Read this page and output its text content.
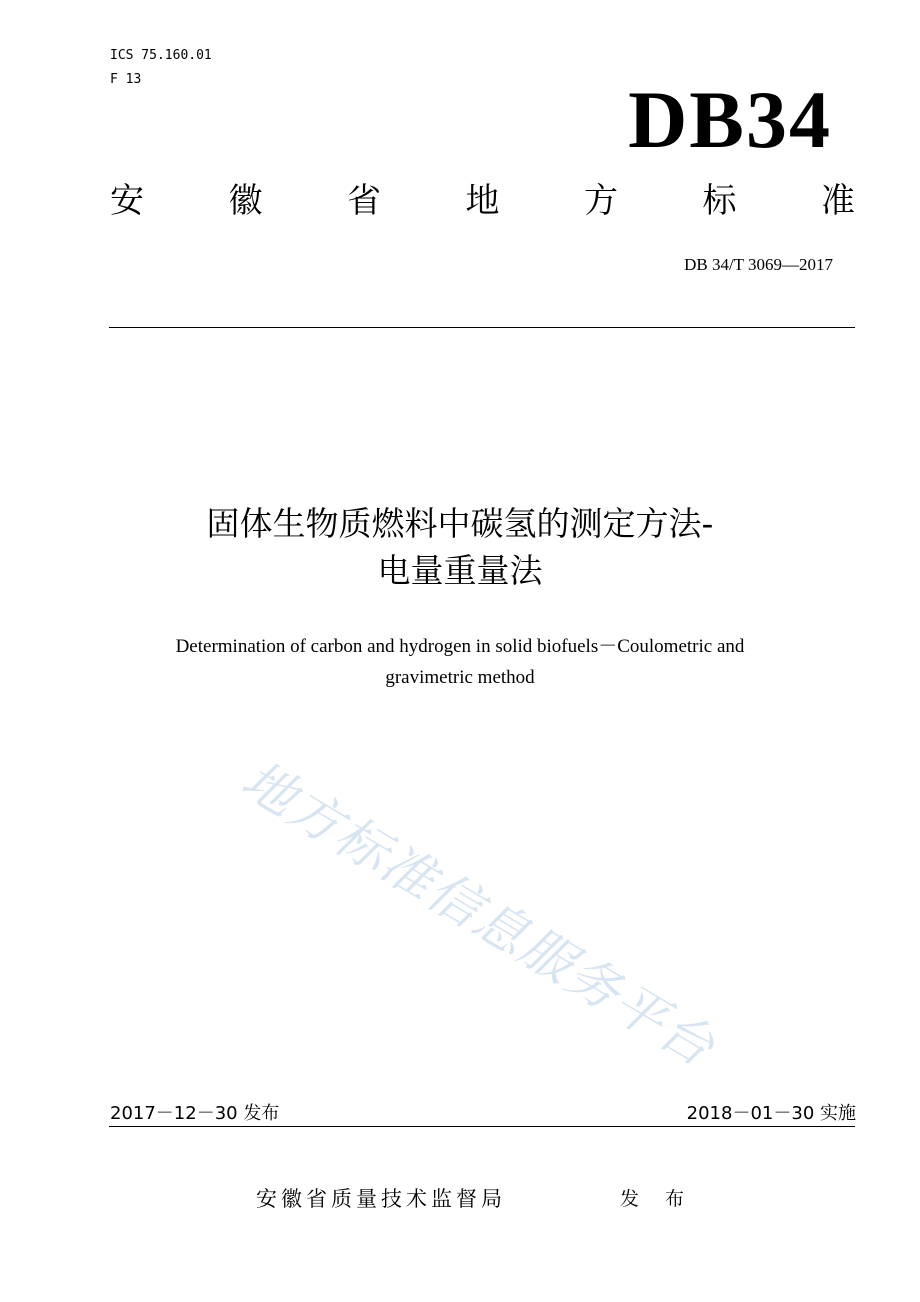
ICS 75.160.01
F 13	DB34
安 徽 省 地 方 标 准
DB 34/T 3069—2017
固体生物质燃料中碳氢的测定方法-
电量重量法
Determination of carbon and hydrogen in solid biofuels－Coulometric and
gravimetric method
地方标准信息服务平台
2017－12－30 发布	2018－01－30 实施
安徽省质量技术监督局	发 布
